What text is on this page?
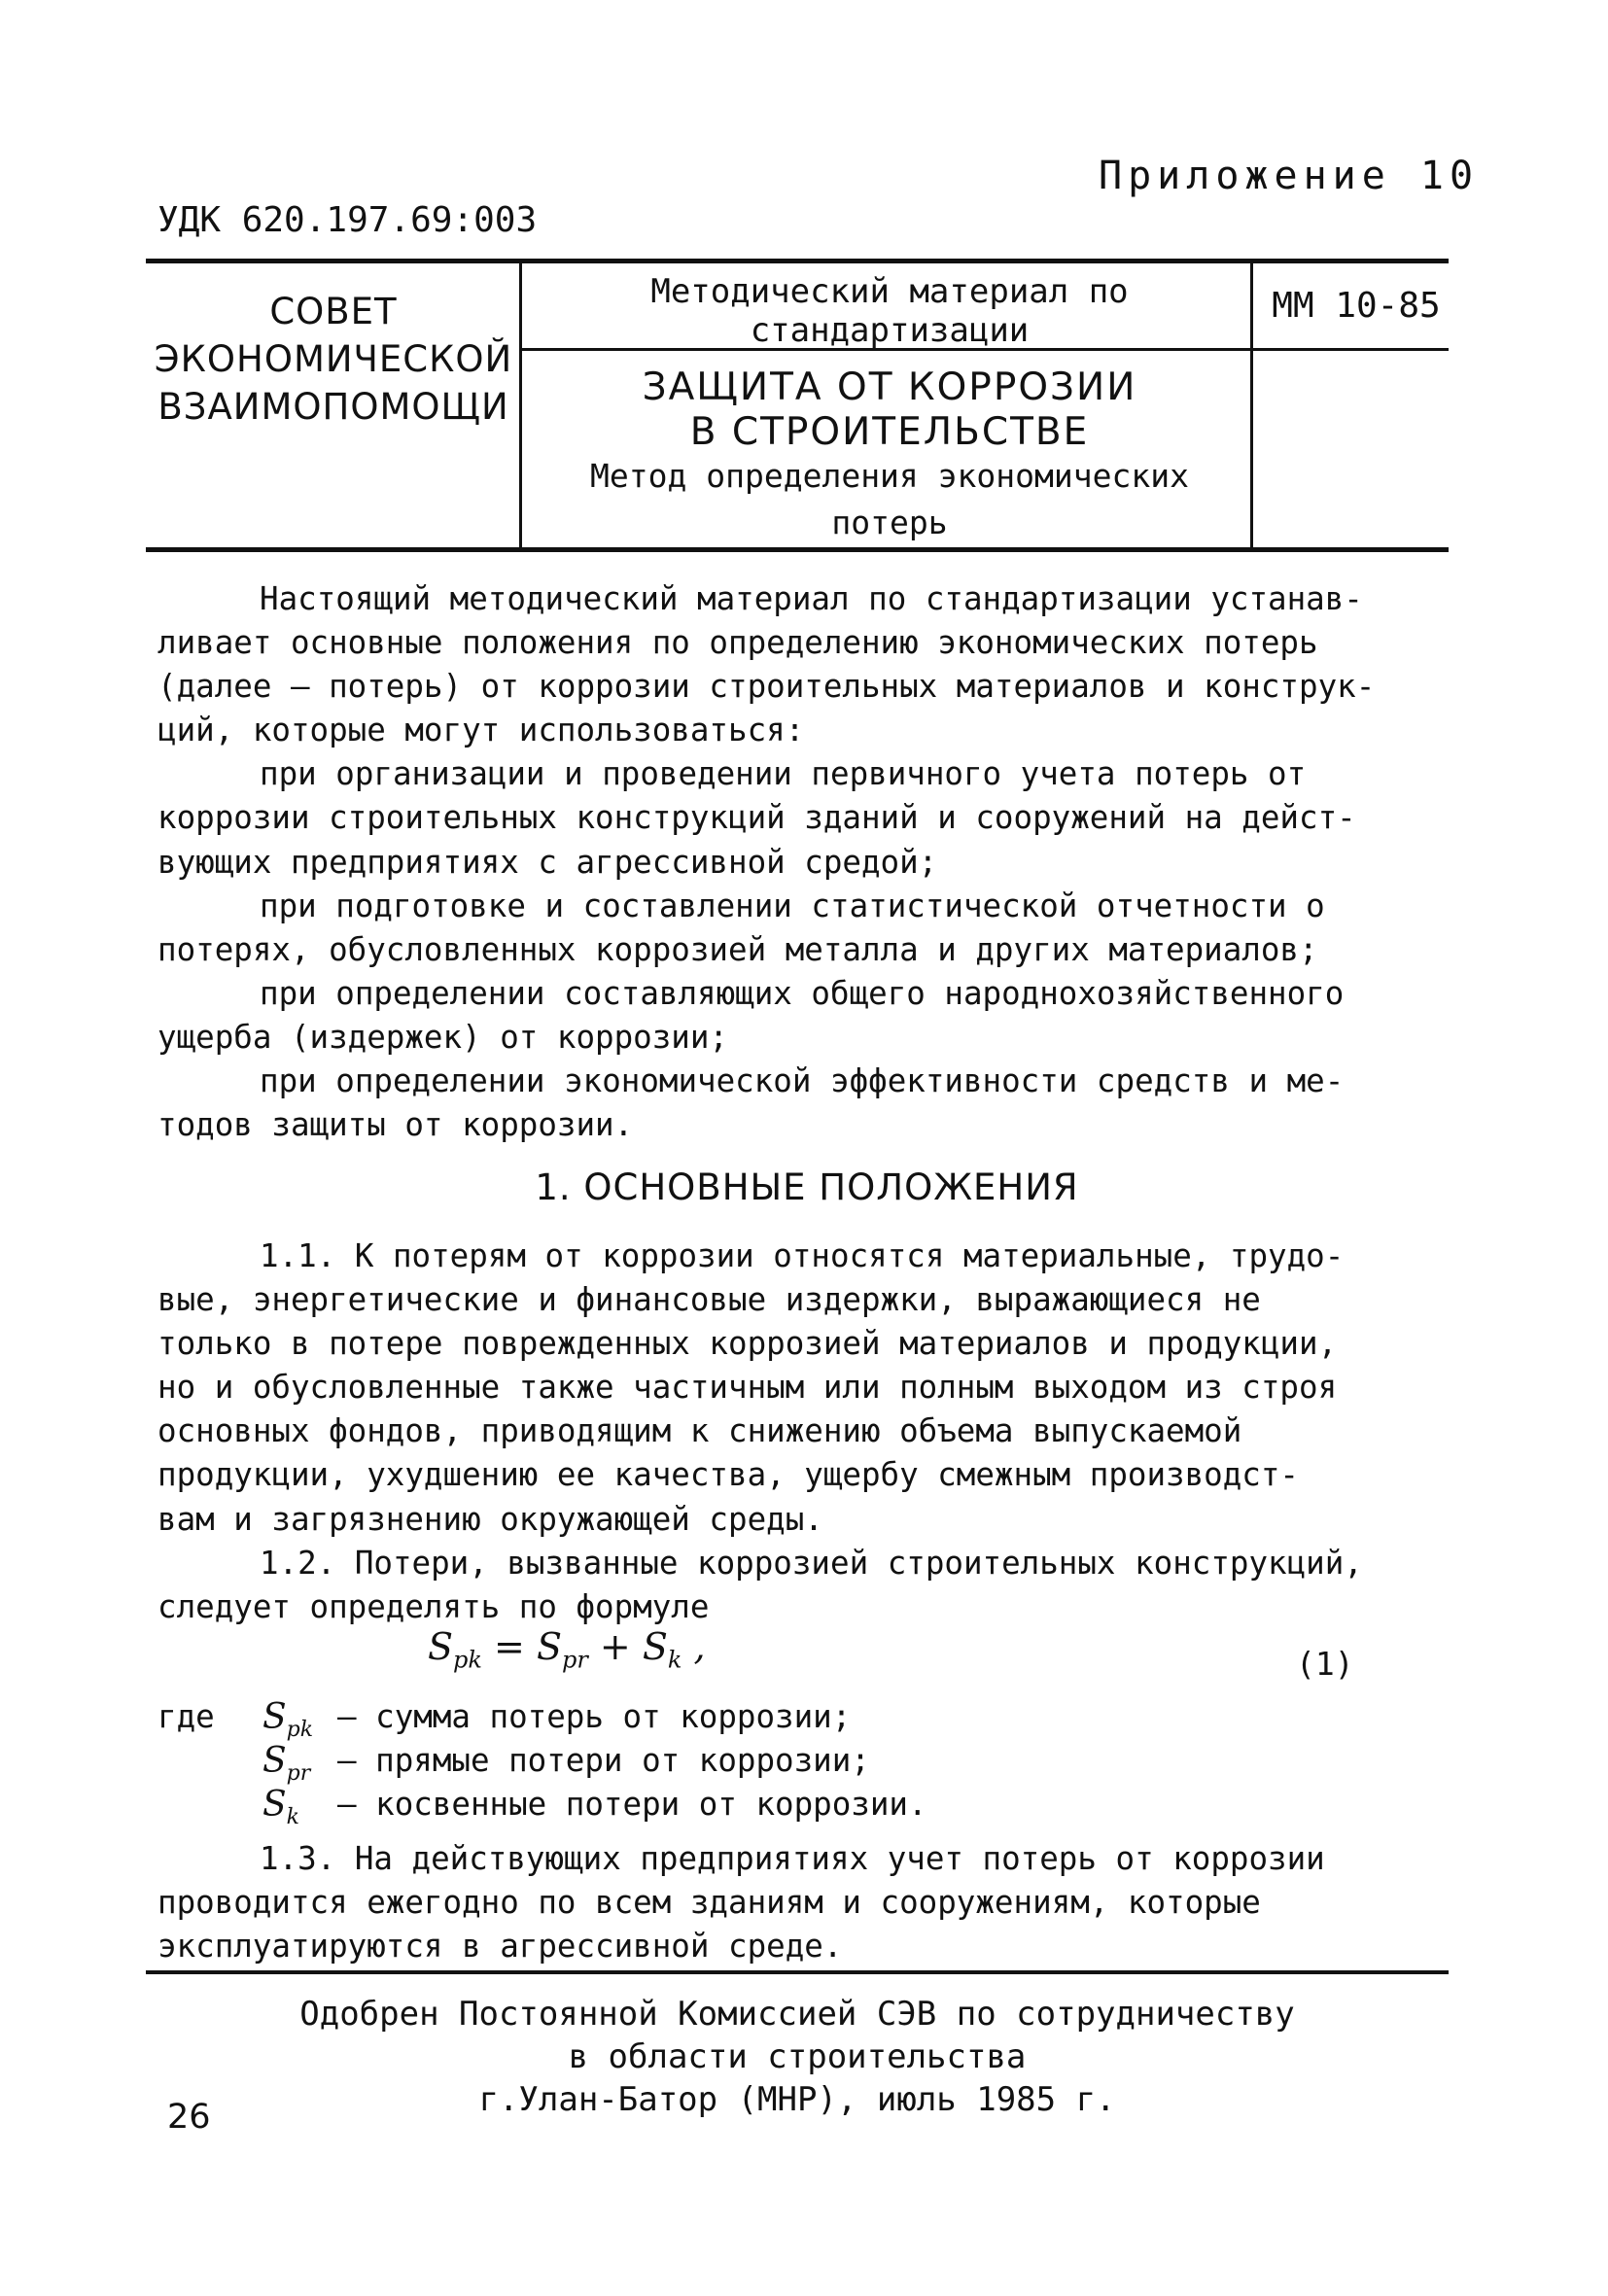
Приложение 10
УДК 620.197.69:003
СОВЕТ
ЭКОНОМИЧЕСКОЙ
ВЗАИМОПОМОЩИ
Методический материал по
стандартизации
ММ 10-85
ЗАЩИТА ОТ КОРРОЗИИ
В СТРОИТЕЛЬСТВЕ
Метод определения экономических
потерь
Настоящий методический материал по стандартизации устанав-
ливает основные положения по определению экономических потерь
(далее – потерь) от коррозии строительных материалов и конструк-
ций, которые могут использоваться:
при организации и проведении первичного учета потерь от
коррозии строительных конструкций зданий и сооружений на дейст-
вующих предприятиях с агрессивной средой;
при подготовке и составлении статистической отчетности о
потерях, обусловленных коррозией металла и других материалов;
при определении составляющих общего народнохозяйственного
ущерба (издержек) от коррозии;
при определении экономической эффективности средств и ме-
тодов защиты от коррозии.
1. ОСНОВНЫЕ ПОЛОЖЕНИЯ
1.1. К потерям от коррозии относятся материальные, трудо-
вые, энергетические и финансовые издержки, выражающиеся не
только в потере поврежденных коррозией материалов и продукции,
но и обусловленные также частичным или полным выходом из строя
основных фондов, приводящим к снижению объема выпускаемой
продукции, ухудшению ее качества, ущербу смежным производст-
вам и загрязнению окружающей среды.
1.2. Потери, вызванные коррозией строительных конструкций,
следует определять по формуле
$S_{pk} = S_{pr} + S_k$ ,	(1)
где $S_{pk}$ – сумма потерь от коррозии;
$S_{pr}$ – прямые потери от коррозии;
$S_k$ – косвенные потери от коррозии.
1.3. На действующих предприятиях учет потерь от коррозии
проводится ежегодно по всем зданиям и сооружениям, которые
эксплуатируются в агрессивной среде.
Одобрен Постоянной Комиссией СЭВ по сотрудничеству
в области строительства
г.Улан-Батор (МНР), июль 1985 г.
26
